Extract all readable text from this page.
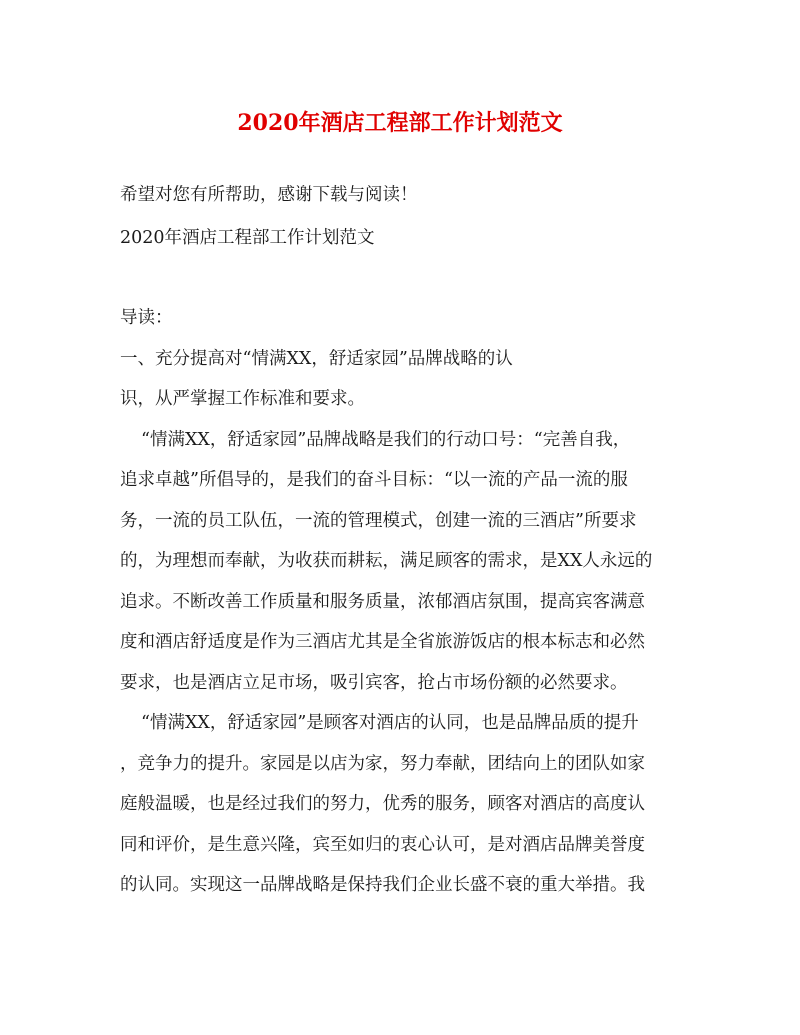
2020年酒店工程部工作计划范文
希望对您有所帮助，感谢下载与阅读！
2020年酒店工程部工作计划范文
导读：
一、充分提高对“情满XX，舒适家园”品牌战略的认
识，从严掌握工作标准和要求。
“情满XX，舒适家园”品牌战略是我们的行动口号：“完善自我，
追求卓越”所倡导的，是我们的奋斗目标：“以一流的产品一流的服
务，一流的员工队伍，一流的管理模式，创建一流的三酒店”所要求
的，为理想而奉献，为收获而耕耘，满足顾客的需求，是XX人永远的
追求。不断改善工作质量和服务质量，浓郁酒店氛围，提高宾客满意
度和酒店舒适度是作为三酒店尤其是全省旅游饭店的根本标志和必然
要求，也是酒店立足市场，吸引宾客，抢占市场份额的必然要求。
“情满XX，舒适家园”是顾客对酒店的认同，也是品牌品质的提升
，竞争力的提升。家园是以店为家，努力奉献，团结向上的团队如家
庭般温暖，也是经过我们的努力，优秀的服务，顾客对酒店的高度认
同和评价，是生意兴隆，宾至如归的衷心认可，是对酒店品牌美誉度
的认同。实现这一品牌战略是保持我们企业长盛不衰的重大举措。我
